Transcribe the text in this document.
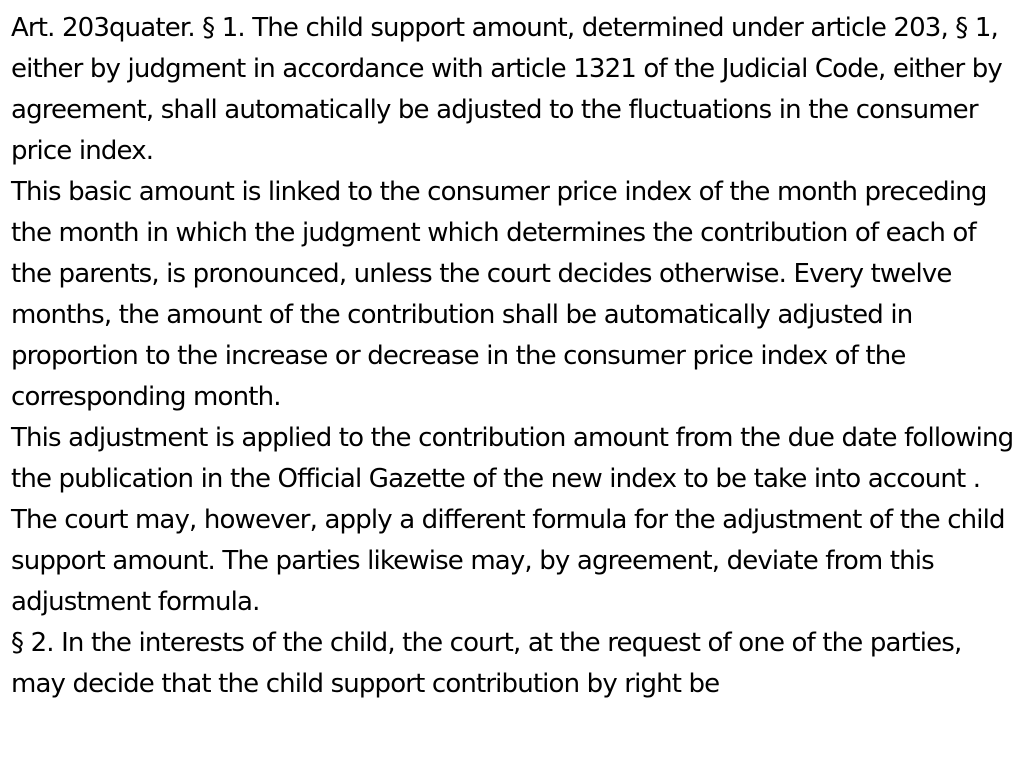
Art. 203quater. § 1. The child support amount, determined under article 203, § 1, either by judgment in accordance with article 1321 of the Judicial Code, either by agreement, shall automatically be adjusted to the fluctuations in the consumer price index.

This basic amount is linked to the consumer price index of the month preceding the month in which the judgment which determines the contribution of each of the parents, is pronounced, unless the court decides otherwise. Every twelve months, the amount of the contribution shall be automatically adjusted in proportion to the increase or decrease in the consumer price index of the corresponding month.

This adjustment is applied to the contribution amount from the due date following the publication in the Official Gazette of the new index to be take into account .

The court may, however, apply a different formula for the adjustment of the child support amount. The parties likewise may, by agreement, deviate from this adjustment formula.

§ 2. In the interests of the child, the court, at the request of one of the parties, may decide that the child support contribution by right be
